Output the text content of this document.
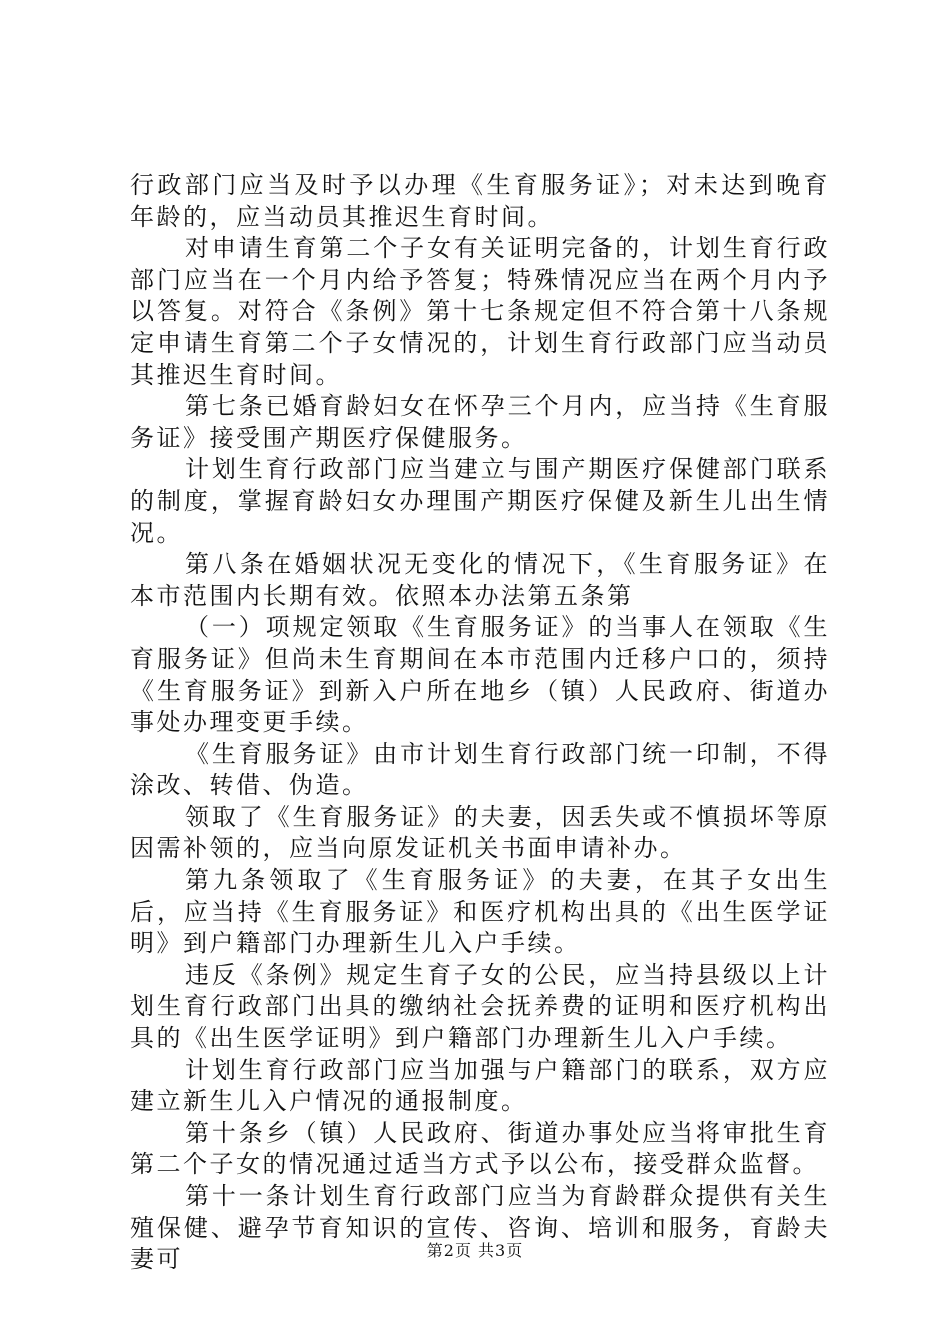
行政部门应当及时予以办理《生育服务证》；对未达到晚育年龄的，应当动员其推迟生育时间。

对申请生育第二个子女有关证明完备的，计划生育行政部门应当在一个月内给予答复；特殊情况应当在两个月内予以答复。对符合《条例》第十七条规定但不符合第十八条规定申请生育第二个子女情况的，计划生育行政部门应当动员其推迟生育时间。

第七条已婚育龄妇女在怀孕三个月内，应当持《生育服务证》接受围产期医疗保健服务。

计划生育行政部门应当建立与围产期医疗保健部门联系的制度，掌握育龄妇女办理围产期医疗保健及新生儿出生情况。

第八条在婚姻状况无变化的情况下，《生育服务证》在本市范围内长期有效。依照本办法第五条第

（一）项规定领取《生育服务证》的当事人在领取《生育服务证》但尚未生育期间在本市范围内迁移户口的，须持《生育服务证》到新入户所在地乡（镇）人民政府、街道办事处办理变更手续。

《生育服务证》由市计划生育行政部门统一印制，不得涂改、转借、伪造。

领取了《生育服务证》的夫妻，因丢失或不慎损坏等原因需补领的，应当向原发证机关书面申请补办。

第九条领取了《生育服务证》的夫妻，在其子女出生后，应当持《生育服务证》和医疗机构出具的《出生医学证明》到户籍部门办理新生儿入户手续。

违反《条例》规定生育子女的公民，应当持县级以上计划生育行政部门出具的缴纳社会抚养费的证明和医疗机构出具的《出生医学证明》到户籍部门办理新生儿入户手续。

计划生育行政部门应当加强与户籍部门的联系，双方应建立新生儿入户情况的通报制度。

第十条乡（镇）人民政府、街道办事处应当将审批生育第二个子女的情况通过适当方式予以公布，接受群众监督。

第十一条计划生育行政部门应当为育龄群众提供有关生殖保健、避孕节育知识的宣传、咨询、培训和服务，育龄夫妻可	第2页 共3页
